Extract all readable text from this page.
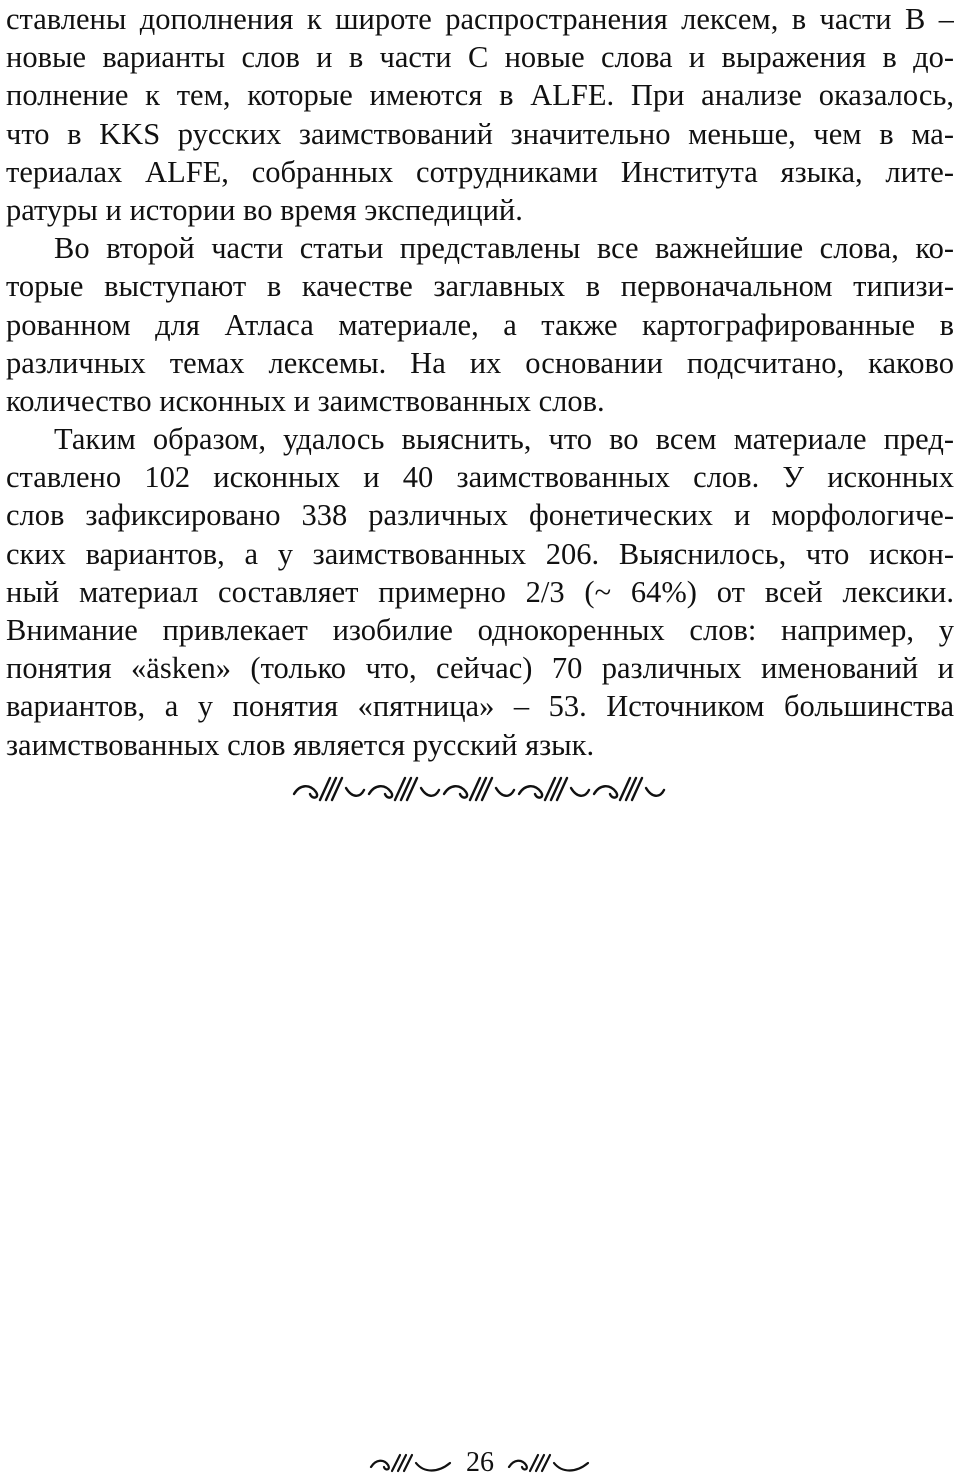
ставлены дополнения к широте распространения лексем, в части B –
новые варианты слов и в части C новые слова и выражения в до-
полнение к тем, которые имеются в ALFE. При анализе оказалось,
что в KKS русских заимствований значительно меньше, чем в ма-
териалах ALFE, собранных сотрудниками Института языка, лите-
ратуры и истории во время экспедиций.
Во второй части статьи представлены все важнейшие слова, ко-
торые выступают в качестве заглавных в первоначальном типизи-
рованном для Атласа материале, а также картографированные в
различных темах лексемы. На их основании подсчитано, каково
количество исконных и заимствованных слов.
Таким образом, удалось выяснить, что во всем материале пред-
ставлено 102 исконных и 40 заимствованных слов. У исконных
слов зафиксировано 338 различных фонетических и морфологиче-
ских вариантов, а у заимствованных 206. Выяснилось, что искон-
ный материал составляет примерно 2/3 (~ 64%) от всей лексики.
Внимание привлекает изобилие однокоренных слов: например, у
понятия «äsken» (только что, сейчас) 70 различных именований и
вариантов, а у понятия «пятница» – 53. Источником большинства
заимствованных слов является русский язык.
26
